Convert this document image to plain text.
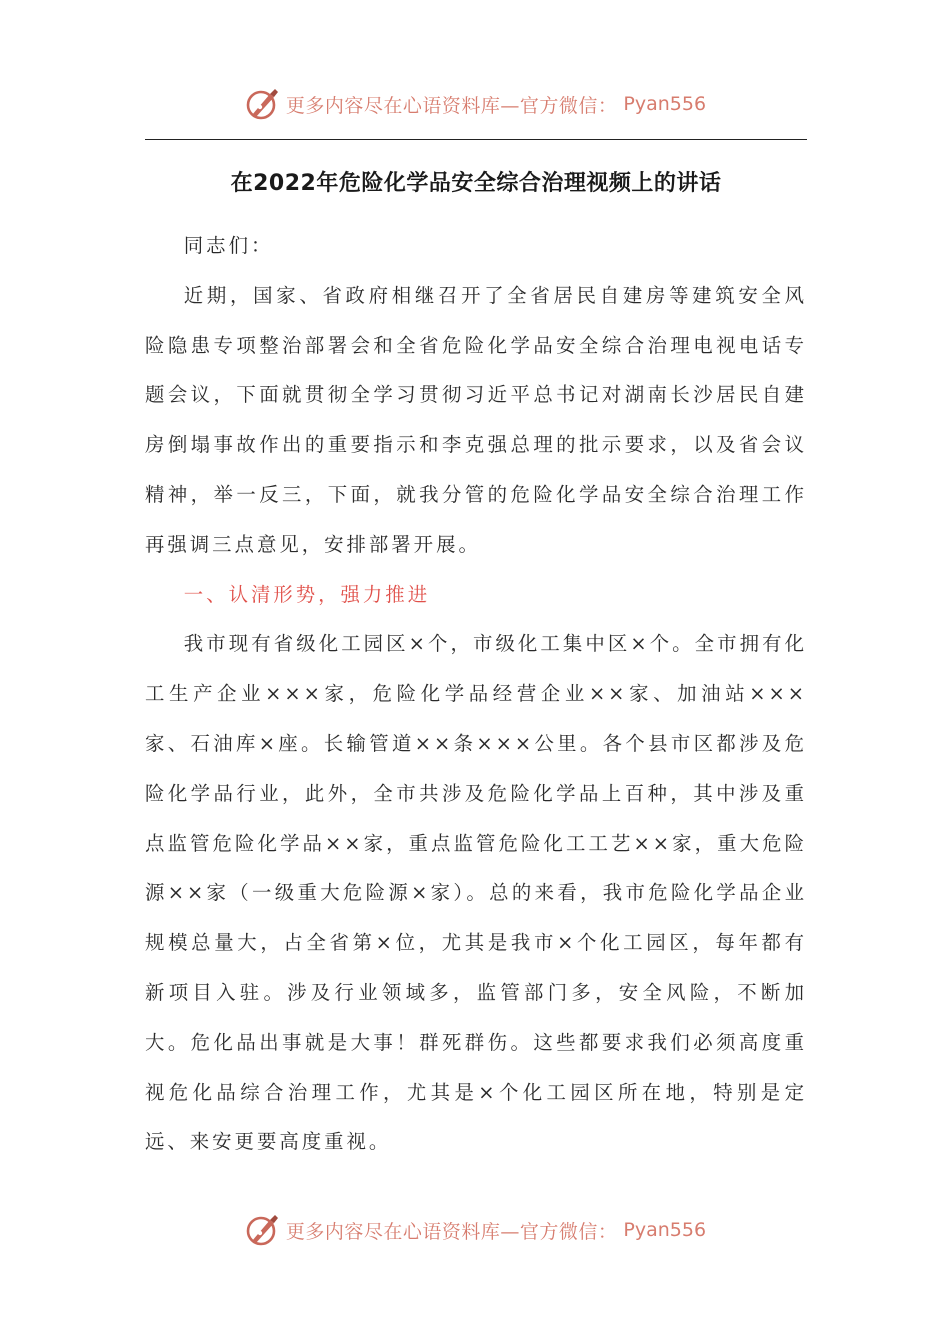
更多内容尽在心语资料库—官方微信： Pyan556
在2022年危险化学品安全综合治理视频上的讲话

同志们：

近期，国家、省政府相继召开了全省居民自建房等建筑安全风险隐患专项整治部署会和全省危险化学品安全综合治理电视电话专题会议，下面就贯彻全学习贯彻习近平总书记对湖南长沙居民自建房倒塌事故作出的重要指示和李克强总理的批示要求，以及省会议精神，举一反三，下面，就我分管的危险化学品安全综合治理工作再强调三点意见，安排部署开展。

一、认清形势，强力推进

我市现有省级化工园区×个，市级化工集中区×个。全市拥有化工生产企业×××家，危险化学品经营企业××家、加油站×××家、石油库×座。长输管道××条×××公里。各个县市区都涉及危险化学品行业，此外，全市共涉及危险化学品上百种，其中涉及重点监管危险化学品××家，重点监管危险化工工艺××家，重大危险源××家（一级重大危险源×家）。总的来看，我市危险化学品企业规模总量大，占全省第×位，尤其是我市×个化工园区，每年都有新项目入驻。涉及行业领域多，监管部门多，安全风险，不断加大。危化品出事就是大事！群死群伤。这些都要求我们必须高度重视危化品综合治理工作，尤其是×个化工园区所在地，特别是定远、来安更要高度重视。

更多内容尽在心语资料库—官方微信： Pyan556
